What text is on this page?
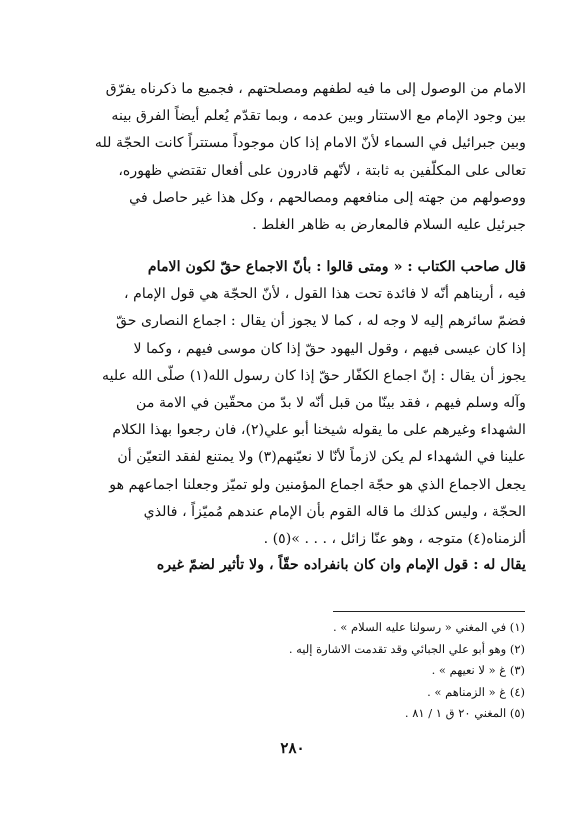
الامام من الوصول إلى ما فيه لطفهم ومصلحتهم ، فجميع ما ذكرناه يفرّق
بين وجود الإمام مع الاستتار وبين عدمه ، وبما تقدّم يُعلم أيضاً الفرق بينه
وبين جبرائيل في السماء لأنّ الامام إذا كان موجوداً مستتراً كانت الحجّة لله
تعالى على المكلّفين به ثابتة ، لأنّهم قادرون على أفعال تقتضي ظهوره،
ووصولهم من جهته إلى منافعهم ومصالحهم ، وكل هذا غير حاصل في
جبرئيل عليه السلام فالمعارض به ظاهر الغلط .
قال صاحب الكتاب : « ومتى قالوا : بأنّ الاجماع حقّ لكون الامام
فيه ، أريناهم أنّه لا فائدة تحت هذا القول ، لأنّ الحجّة هي قول الإمام ،
فضمّ سائرهم إليه لا وجه له ، كما لا يجوز أن يقال : اجماع النصارى حقّ
إذا كان عيسى فيهم ، وقول اليهود حقّ إذا كان موسى فيهم ، وكما لا
يجوز أن يقال : إنّ اجماع الكفّار حقّ إذا كان رسول الله(١) صلّى الله عليه
وآله وسلم فيهم ، فقد بينّا من قبل أنّه لا بدّ من محقّين في الامة من
الشهداء وغيرهم على ما يقوله شيخنا أبو علي(٢)، فان رجعوا بهذا الكلام
علينا في الشهداء لم يكن لازماً لأنّا لا نعيّنهم(٣) ولا يمتنع لفقد التعيّن أن
يجعل الاجماع الذي هو حجّة اجماع المؤمنين ولو تميّز وجعلنا اجماعهم هو
الحجّة ، وليس كذلك ما قاله القوم بأن الإمام عندهم مُميّزاً ، فالذي
ألزمناه(٤) متوجه ، وهو عنّا زائل ، . . . »(٥) .
يقال له : قول الإمام وان كان بانفراده حقّاً ، ولا تأثير لضمّ غيره
(١) في المغني « رسولنا عليه السلام » .
(٢) وهو أبو علي الجبائي وقد تقدمت الاشارة إليه .
(٣) غ « لا نعيهم » .
(٤) غ « الزمناهم » .
(٥) المغني ٢٠ ق ١ / ٨١ .
٢٨٠
